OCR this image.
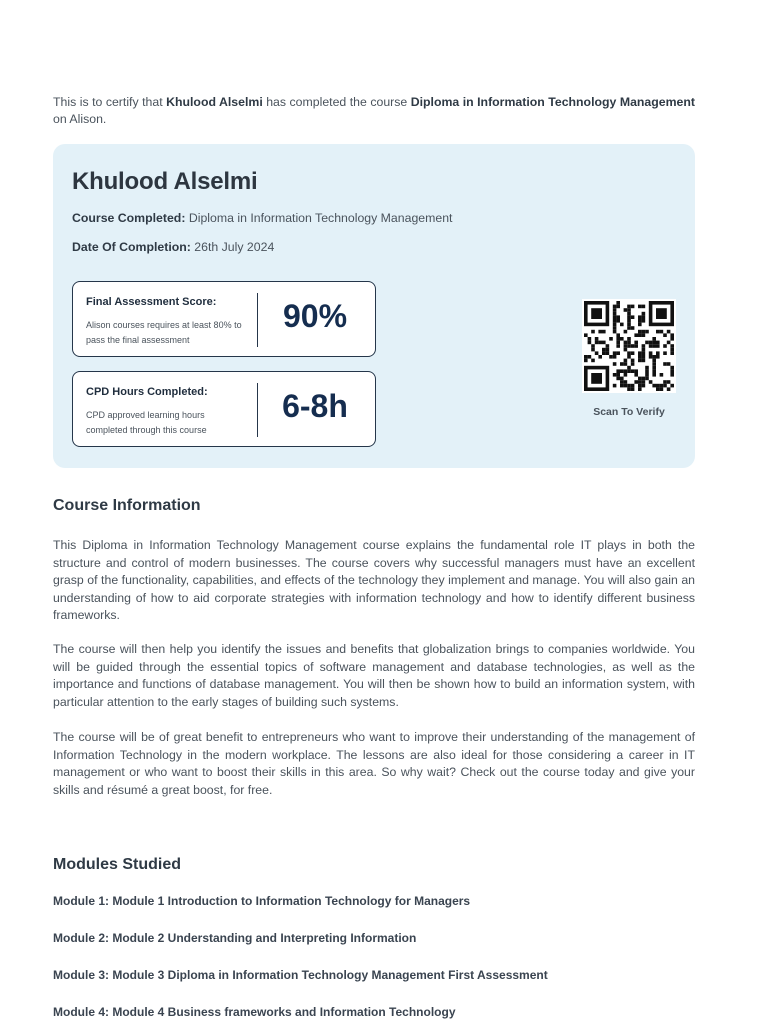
This is to certify that Khulood Alselmi has completed the course Diploma in Information Technology Management on Alison.
Khulood Alselmi
Course Completed: Diploma in Information Technology Management
Date Of Completion: 26th July 2024
Final Assessment Score:
Alison courses requires at least 80% to pass the final assessment
90%
CPD Hours Completed:
CPD approved learning hours completed through this course
6-8h	Scan To Verify
Course Information

This Diploma in Information Technology Management course explains the fundamental role IT plays in both the structure and control of modern businesses. The course covers why successful managers must have an excellent grasp of the functionality, capabilities, and effects of the technology they implement and manage. You will also gain an understanding of how to aid corporate strategies with information technology and how to identify different business frameworks.

The course will then help you identify the issues and benefits that globalization brings to companies worldwide. You will be guided through the essential topics of software management and database technologies, as well as the importance and functions of database management. You will then be shown how to build an information system, with particular attention to the early stages of building such systems.

The course will be of great benefit to entrepreneurs who want to improve their understanding of the management of Information Technology in the modern workplace. The lessons are also ideal for those considering a career in IT management or who want to boost their skills in this area. So why wait? Check out the course today and give your skills and résumé a great boost, for free.

Modules Studied
Module 1: Module 1 Introduction to Information Technology for Managers
Module 2: Module 2 Understanding and Interpreting Information
Module 3: Module 3 Diploma in Information Technology Management First Assessment
Module 4: Module 4 Business frameworks and Information Technology
